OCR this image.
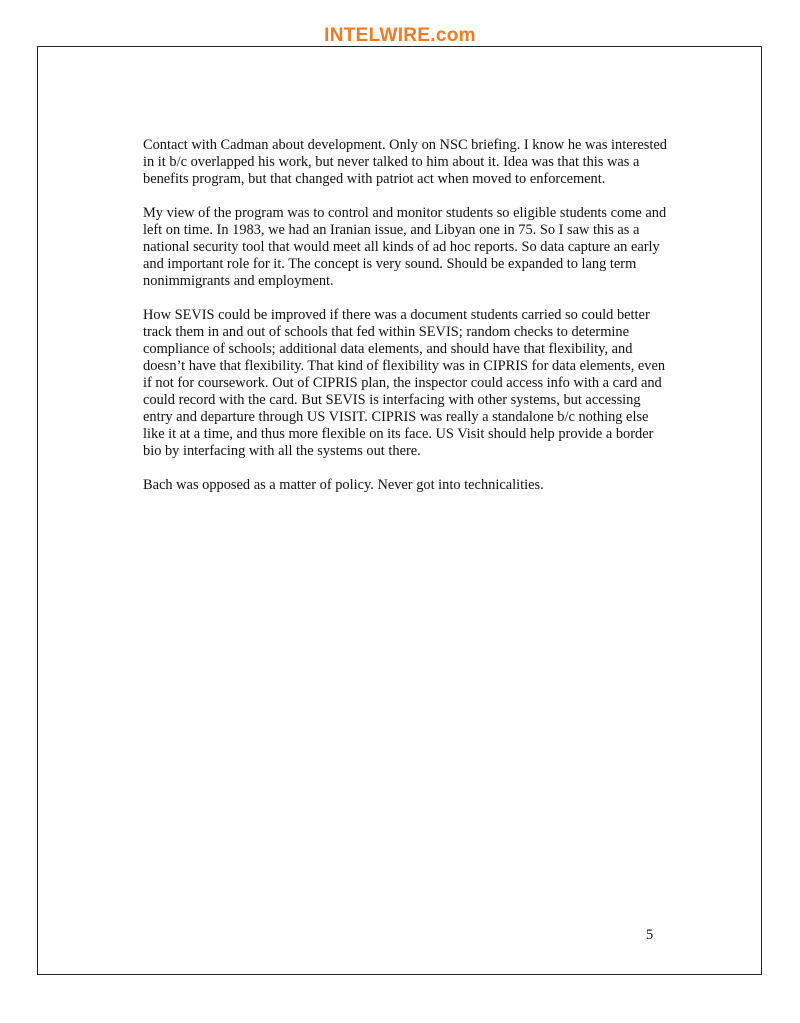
INTELWIRE.com

Contact with Cadman about development. Only on NSC briefing. I know he was interested in it b/c overlapped his work, but never talked to him about it. Idea was that this was a benefits program, but that changed with patriot act when moved to enforcement.

My view of the program was to control and monitor students so eligible students come and left on time. In 1983, we had an Iranian issue, and Libyan one in 75. So I saw this as a national security tool that would meet all kinds of ad hoc reports. So data capture an early and important role for it. The concept is very sound. Should be expanded to lang term nonimmigrants and employment.

How SEVIS could be improved if there was a document students carried so could better track them in and out of schools that fed within SEVIS; random checks to determine compliance of schools; additional data elements, and should have that flexibility, and doesn’t have that flexibility. That kind of flexibility was in CIPRIS for data elements, even if not for coursework. Out of CIPRIS plan, the inspector could access info with a card and could record with the card. But SEVIS is interfacing with other systems, but accessing entry and departure through US VISIT. CIPRIS was really a standalone b/c nothing else like it at a time, and thus more flexible on its face. US Visit should help provide a border bio by interfacing with all the systems out there.

Bach was opposed as a matter of policy. Never got into technicalities.

5
